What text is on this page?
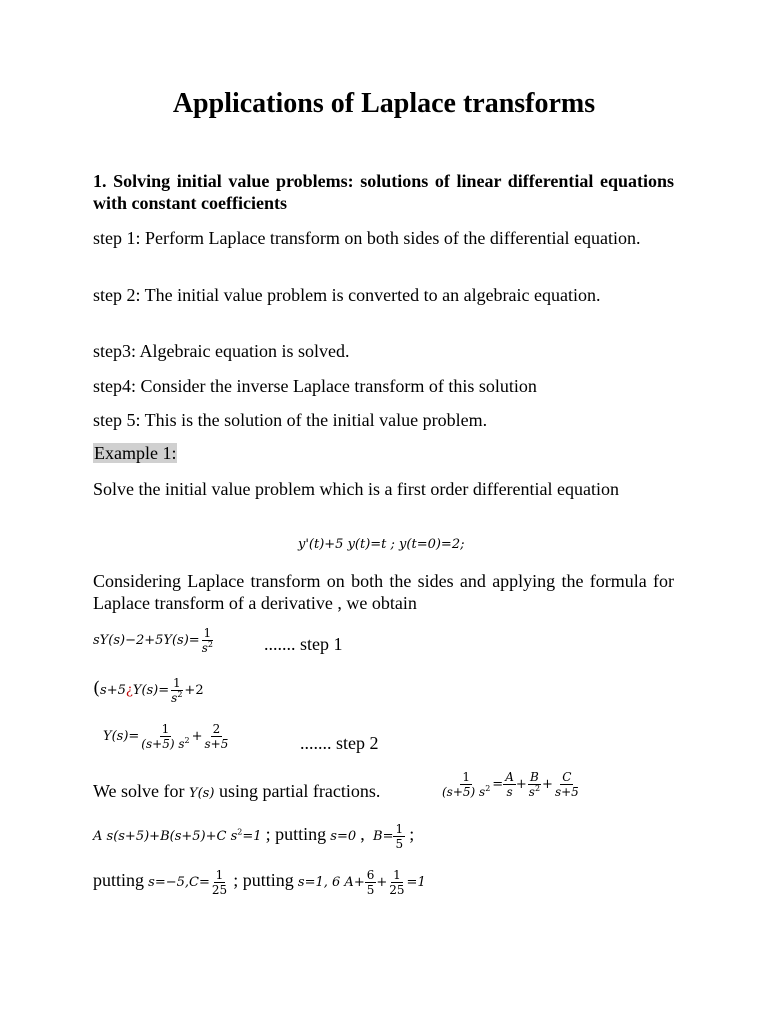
Applications of Laplace transforms
1. Solving initial value problems: solutions of linear differential equations with constant coefficients
step 1: Perform Laplace transform on both sides of the differential equation.
step 2: The initial value problem is converted to an algebraic equation.
step3: Algebraic equation is solved.
step4: Consider the inverse Laplace transform of this solution
step 5: This is the solution of the initial value problem.
Example 1:
Solve the initial value problem which is a first order differential equation
y'(t)+5 y(t)=t ; y(t=0)=2;
Considering Laplace transform on both the sides and applying the formula for Laplace transform of a derivative , we obtain
$sY(s)-2+5Y(s)= \frac{1}{s^2}$	....... step 1
(s+5¿Y(s)= $\frac{1}{s^2} +2$
$Y(s)= \frac{1}{(s+5) s^2} + \frac{2}{s+5}$	....... step 2
We solve for Y(s) using partial fractions.	$\frac{1}{(s+5) s^2} = \frac{A}{s} + \frac{B}{s^2} + \frac{C}{s+5}$
A s(s+5)+B(s+5)+C $s^2=1$ ; putting s=0 ,  $B= \frac{1}{5}$ ;
putting $s=-5,C= \frac{1}{25}$ ; putting s=1, 6 $A+ \frac{6}{5} + \frac{1}{25} =1$
